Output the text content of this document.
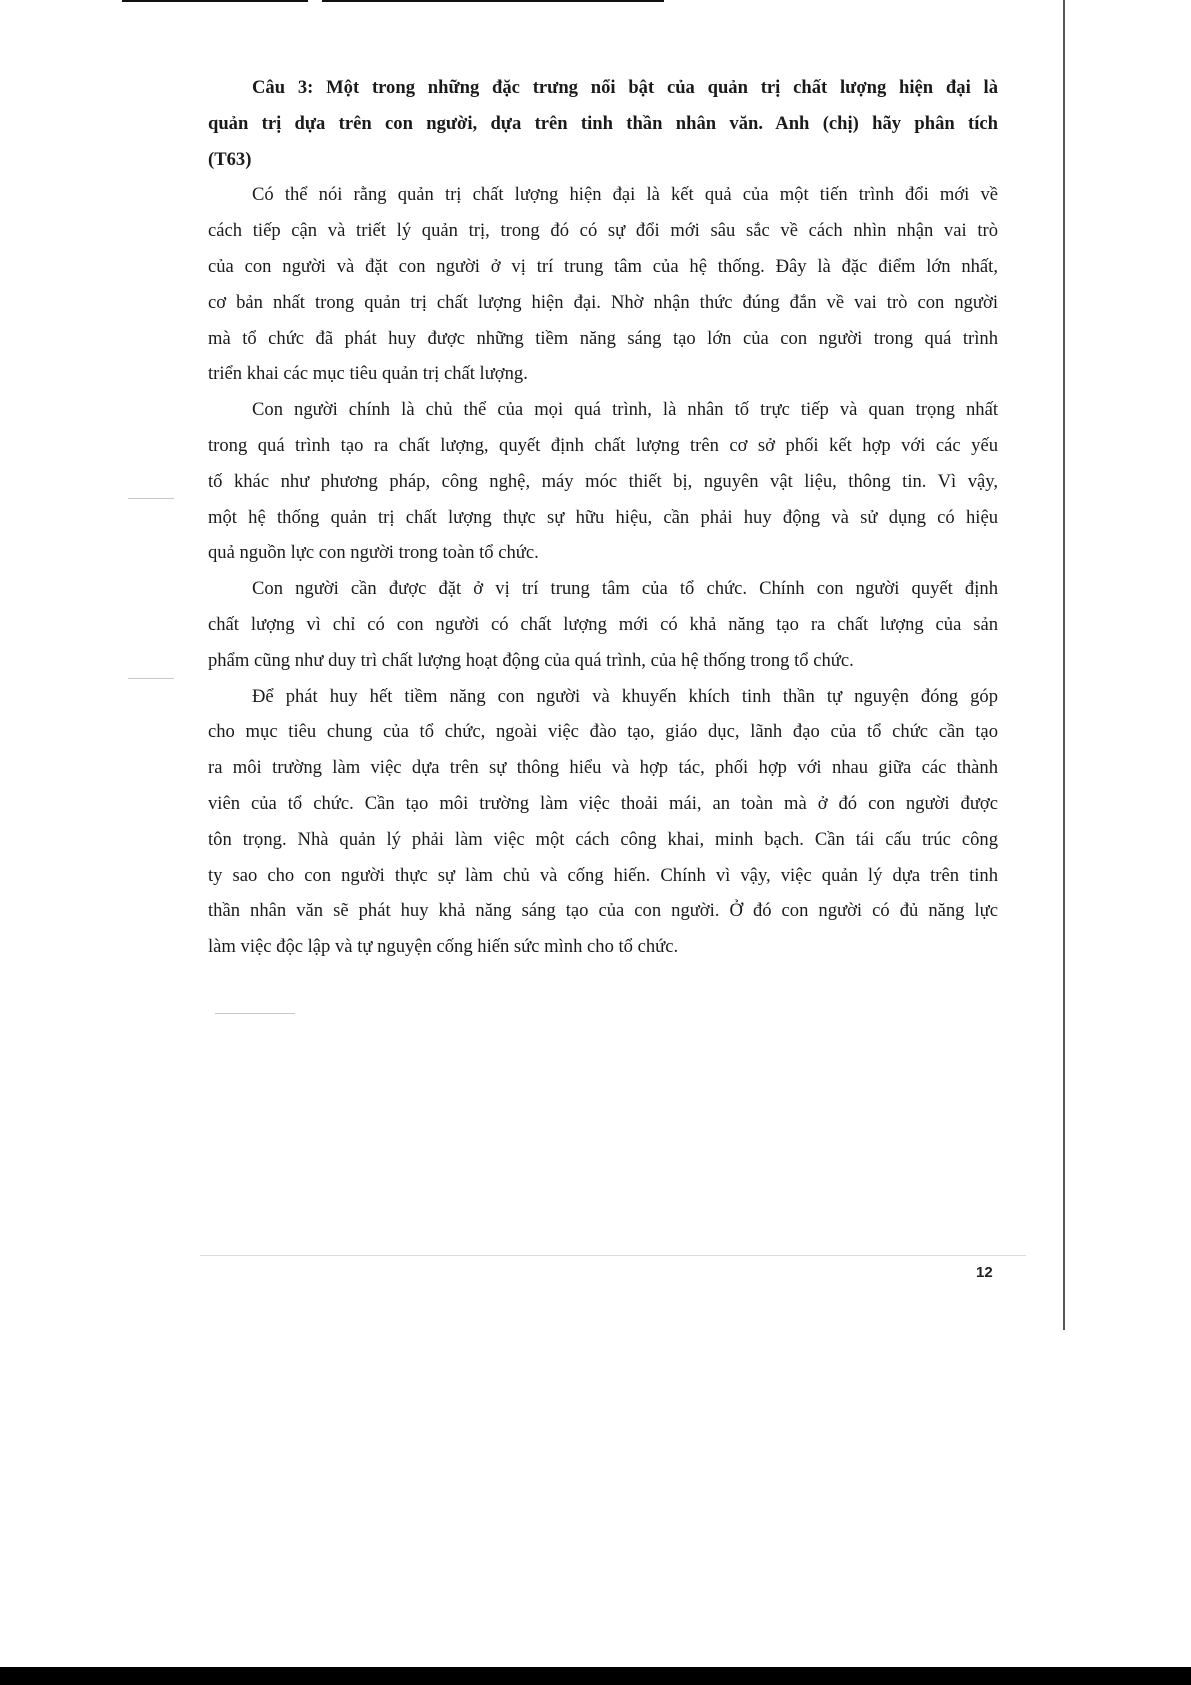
Câu 3: Một trong những đặc trưng nổi bật của quản trị chất lượng hiện đại là
quản trị dựa trên con người, dựa trên tinh thần nhân văn. Anh (chị) hãy phân tích
(T63)
Có thể nói rằng quản trị chất lượng hiện đại là kết quả của một tiến trình đổi mới về
cách tiếp cận và triết lý quản trị, trong đó có sự đổi mới sâu sắc về cách nhìn nhận vai trò
của con người và đặt con người ở vị trí trung tâm của hệ thống. Đây là đặc điểm lớn nhất,
cơ bản nhất trong quản trị chất lượng hiện đại. Nhờ nhận thức đúng đắn về vai trò con người
mà tổ chức đã phát huy được những tiềm năng sáng tạo lớn của con người trong quá trình
triển khai các mục tiêu quản trị chất lượng.
Con người chính là chủ thể của mọi quá trình, là nhân tố trực tiếp và quan trọng nhất
trong quá trình tạo ra chất lượng, quyết định chất lượng trên cơ sở phối kết hợp với các yếu
tố khác như phương pháp, công nghệ, máy móc thiết bị, nguyên vật liệu, thông tin. Vì vậy,
một hệ thống quản trị chất lượng thực sự hữu hiệu, cần phải huy động và sử dụng có hiệu
quả nguồn lực con người trong toàn tổ chức.
Con người cần được đặt ở vị trí trung tâm của tổ chức. Chính con người quyết định
chất lượng vì chỉ có con người có chất lượng mới có khả năng tạo ra chất lượng của sản
phẩm cũng như duy trì chất lượng hoạt động của quá trình, của hệ thống trong tổ chức.
Để phát huy hết tiềm năng con người và khuyến khích tinh thần tự nguyện đóng góp
cho mục tiêu chung của tổ chức, ngoài việc đào tạo, giáo dục, lãnh đạo của tổ chức cần tạo
ra môi trường làm việc dựa trên sự thông hiểu và hợp tác, phối hợp với nhau giữa các thành
viên của tổ chức. Cần tạo môi trường làm việc thoải mái, an toàn mà ở đó con người được
tôn trọng. Nhà quản lý phải làm việc một cách công khai, minh bạch. Cần tái cấu trúc công
ty sao cho con người thực sự làm chủ và cống hiến. Chính vì vậy, việc quản lý dựa trên tinh
thần nhân văn sẽ phát huy khả năng sáng tạo của con người. Ở đó con người có đủ năng lực
làm việc độc lập và tự nguyện cống hiến sức mình cho tổ chức.
12
